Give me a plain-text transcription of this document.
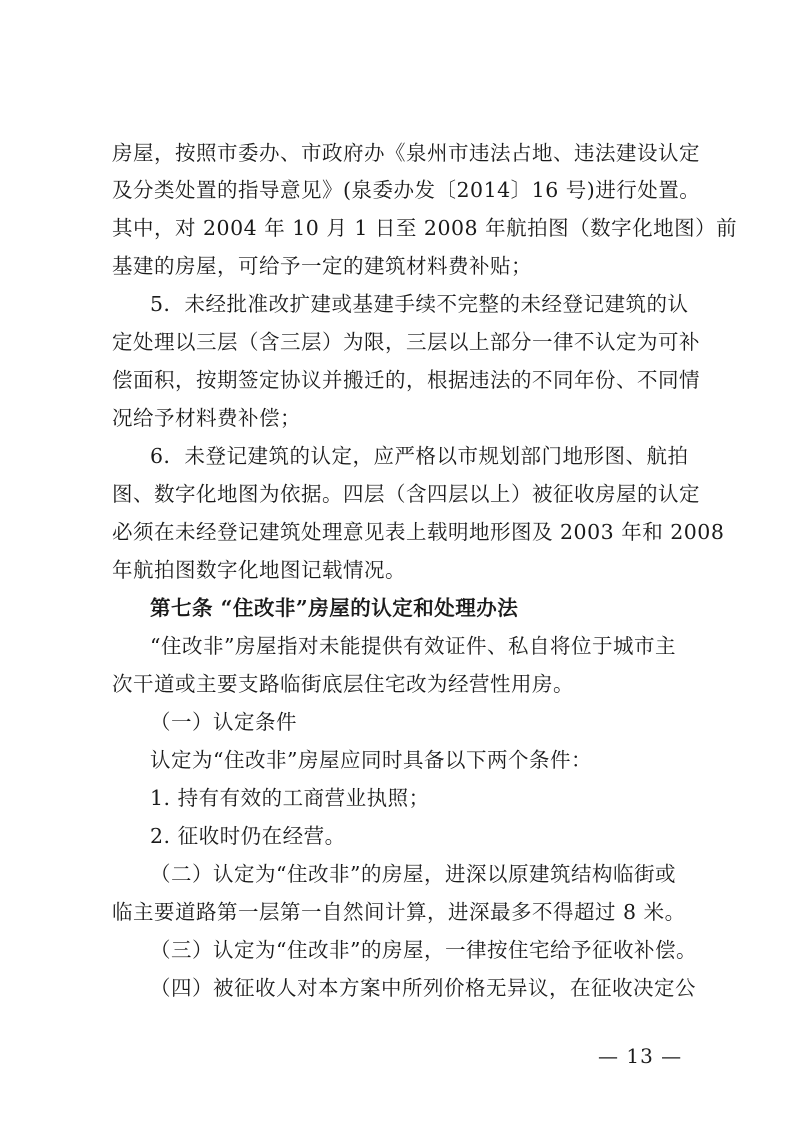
房屋，按照市委办、市政府办《泉州市违法占地、违法建设认定
及分类处置的指导意见》(泉委办发〔2014〕16 号)进行处置。
其中，对 2004 年 10 月 1 日至 2008 年航拍图（数字化地图）前
基建的房屋，可给予一定的建筑材料费补贴；
5．未经批准改扩建或基建手续不完整的未经登记建筑的认
定处理以三层（含三层）为限，三层以上部分一律不认定为可补
偿面积，按期签定协议并搬迁的，根据违法的不同年份、不同情
况给予材料费补偿；
6．未登记建筑的认定，应严格以市规划部门地形图、航拍
图、数字化地图为依据。四层（含四层以上）被征收房屋的认定
必须在未经登记建筑处理意见表上载明地形图及 2003 年和 2008
年航拍图数字化地图记载情况。
第七条 “住改非”房屋的认定和处理办法
“住改非”房屋指对未能提供有效证件、私自将位于城市主
次干道或主要支路临街底层住宅改为经营性用房。
（一）认定条件
认定为“住改非”房屋应同时具备以下两个条件：
1. 持有有效的工商营业执照；
2. 征收时仍在经营。
（二）认定为“住改非”的房屋，进深以原建筑结构临街或
临主要道路第一层第一自然间计算，进深最多不得超过 8 米。
（三）认定为“住改非”的房屋，一律按住宅给予征收补偿。
（四）被征收人对本方案中所列价格无异议，在征收决定公
— 13 —
